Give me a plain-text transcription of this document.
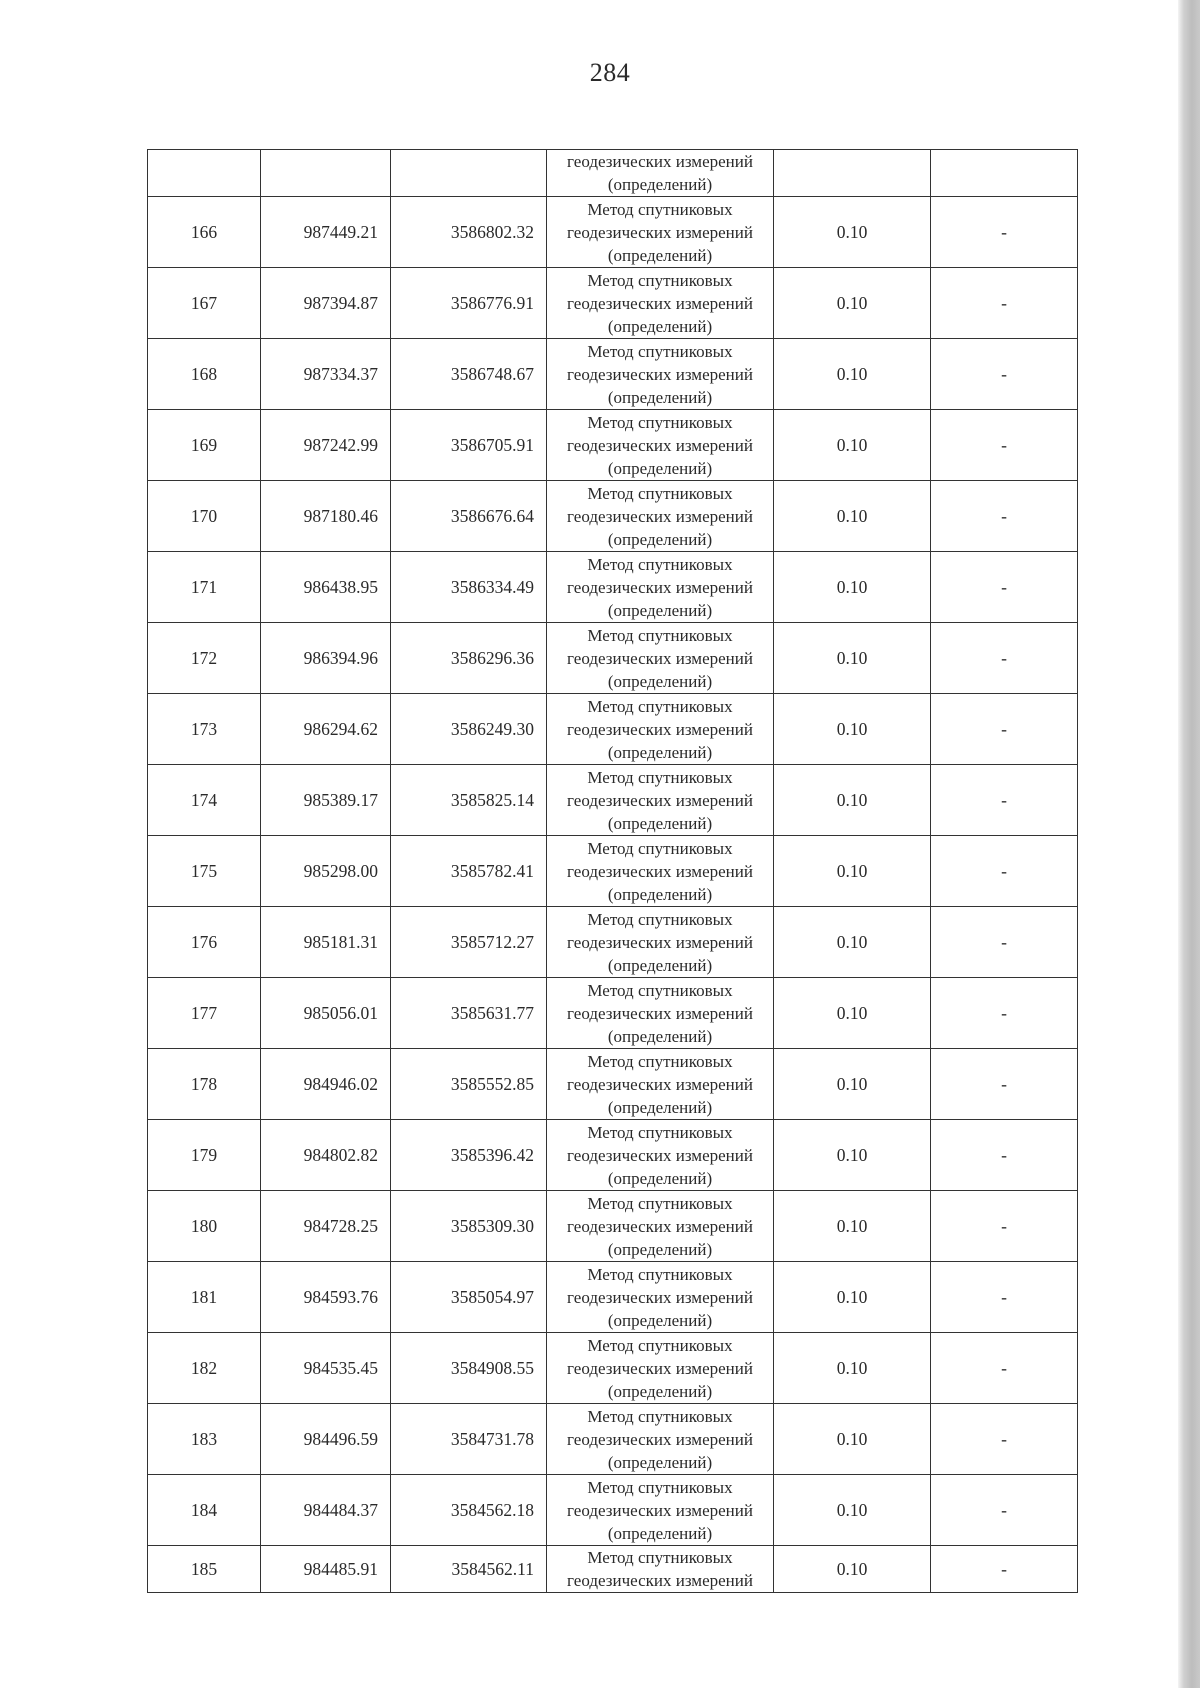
284

			геодезических измерений
(определений)		

166	987449.21	3586802.32	Метод спутниковых
геодезических измерений
(определений)	0.10	-
167	987394.87	3586776.91	Метод спутниковых
геодезических измерений
(определений)	0.10	-
168	987334.37	3586748.67	Метод спутниковых
геодезических измерений
(определений)	0.10	-
169	987242.99	3586705.91	Метод спутниковых
геодезических измерений
(определений)	0.10	-
170	987180.46	3586676.64	Метод спутниковых
геодезических измерений
(определений)	0.10	-
171	986438.95	3586334.49	Метод спутниковых
геодезических измерений
(определений)	0.10	-
172	986394.96	3586296.36	Метод спутниковых
геодезических измерений
(определений)	0.10	-
173	986294.62	3586249.30	Метод спутниковых
геодезических измерений
(определений)	0.10	-
174	985389.17	3585825.14	Метод спутниковых
геодезических измерений
(определений)	0.10	-
175	985298.00	3585782.41	Метод спутниковых
геодезических измерений
(определений)	0.10	-
176	985181.31	3585712.27	Метод спутниковых
геодезических измерений
(определений)	0.10	-
177	985056.01	3585631.77	Метод спутниковых
геодезических измерений
(определений)	0.10	-
178	984946.02	3585552.85	Метод спутниковых
геодезических измерений
(определений)	0.10	-
179	984802.82	3585396.42	Метод спутниковых
геодезических измерений
(определений)	0.10	-
180	984728.25	3585309.30	Метод спутниковых
геодезических измерений
(определений)	0.10	-
181	984593.76	3585054.97	Метод спутниковых
геодезических измерений
(определений)	0.10	-
182	984535.45	3584908.55	Метод спутниковых
геодезических измерений
(определений)	0.10	-
183	984496.59	3584731.78	Метод спутниковых
геодезических измерений
(определений)	0.10	-
184	984484.37	3584562.18	Метод спутниковых
геодезических измерений
(определений)	0.10	-
185	984485.91	3584562.11	Метод спутниковых
геодезических измерений	0.10	-
